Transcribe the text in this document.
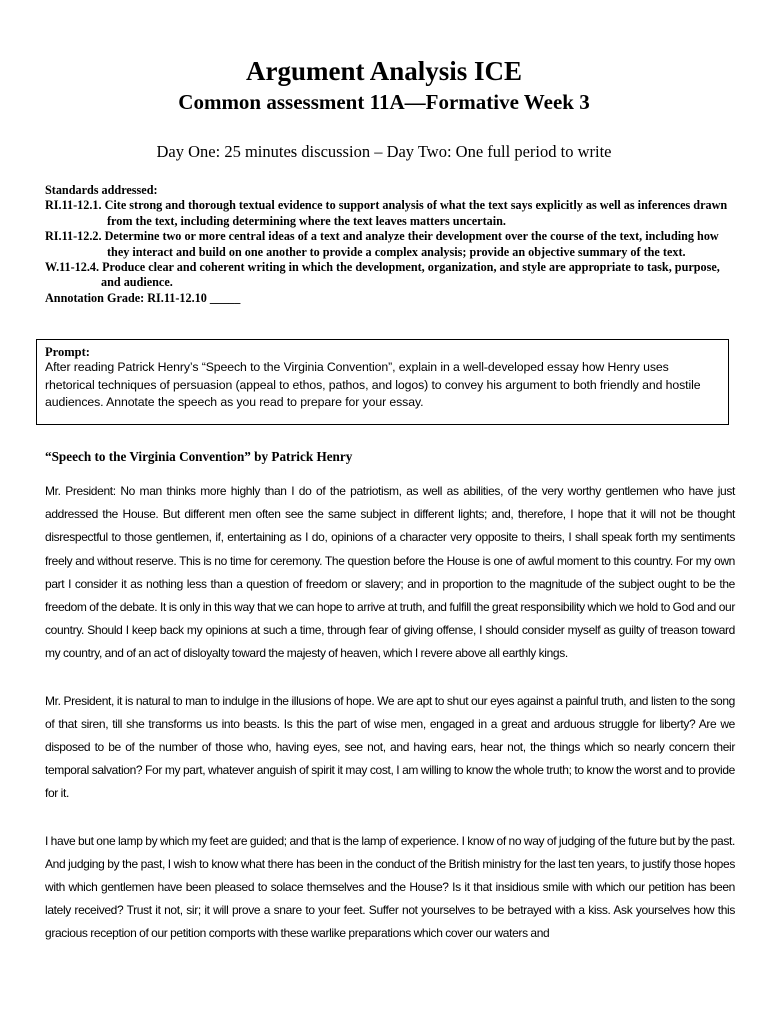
Argument Analysis ICE
Common assessment 11A—Formative Week 3
Day One: 25 minutes discussion – Day Two: One full period to write
Standards addressed:
RI.11-12.1. Cite strong and thorough textual evidence to support analysis of what the text says explicitly as well as inferences drawn from the text, including determining where the text leaves matters uncertain.
RI.11-12.2. Determine two or more central ideas of a text and analyze their development over the course of the text, including how they interact and build on one another to provide a complex analysis; provide an objective summary of the text.
W.11-12.4. Produce clear and coherent writing in which the development, organization, and style are appropriate to task, purpose, and audience.
Annotation Grade: RI.11-12.10 _____
Prompt:
After reading Patrick Henry’s “Speech to the Virginia Convention”, explain in a well-developed essay how Henry uses rhetorical techniques of persuasion (appeal to ethos, pathos, and logos) to convey his argument to both friendly and hostile audiences. Annotate the speech as you read to prepare for your essay.
“Speech to the Virginia Convention” by Patrick Henry

Mr. President: No man thinks more highly than I do of the patriotism, as well as abilities, of the very worthy gentlemen who have just addressed the House. But different men often see the same subject in different lights; and, therefore, I hope that it will not be thought disrespectful to those gentlemen, if, entertaining as I do, opinions of a character very opposite to theirs, I shall speak forth my sentiments freely and without reserve. This is no time for ceremony. The question before the House is one of awful moment to this country. For my own part I consider it as nothing less than a question of freedom or slavery; and in proportion to the magnitude of the subject ought to be the freedom of the debate. It is only in this way that we can hope to arrive at truth, and fulfill the great responsibility which we hold to God and our country. Should I keep back my opinions at such a time, through fear of giving offense, I should consider myself as guilty of treason toward my country, and of an act of disloyalty toward the majesty of heaven, which I revere above all earthly kings.

Mr. President, it is natural to man to indulge in the illusions of hope. We are apt to shut our eyes against a painful truth, and listen to the song of that siren, till she transforms us into beasts. Is this the part of wise men, engaged in a great and arduous struggle for liberty? Are we disposed to be of the number of those who, having eyes, see not, and having ears, hear not, the things which so nearly concern their temporal salvation? For my part, whatever anguish of spirit it may cost, I am willing to know the whole truth; to know the worst and to provide for it.

I have but one lamp by which my feet are guided; and that is the lamp of experience. I know of no way of judging of the future but by the past. And judging by the past, I wish to know what there has been in the conduct of the British ministry for the last ten years, to justify those hopes with which gentlemen have been pleased to solace themselves and the House? Is it that insidious smile with which our petition has been lately received? Trust it not, sir; it will prove a snare to your feet. Suffer not yourselves to be betrayed with a kiss. Ask yourselves how this gracious reception of our petition comports with these warlike preparations which cover our waters and
